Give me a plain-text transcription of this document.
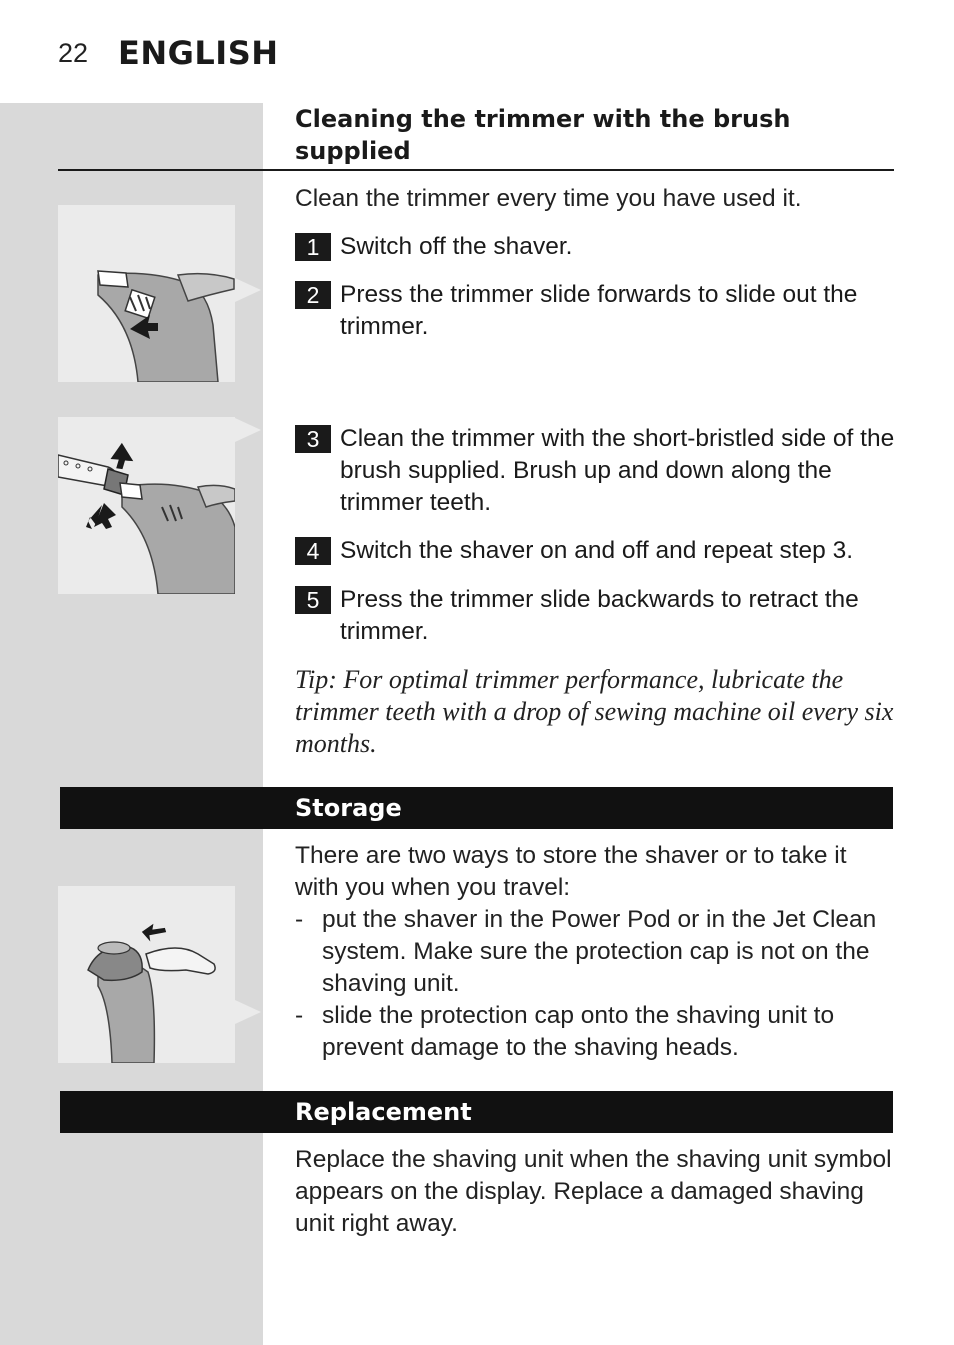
22 ENGLISH
Cleaning the trimmer with the brush supplied
Clean the trimmer every time you have used it.
1 Switch off the shaver.
2 Press the trimmer slide forwards to slide out the trimmer.
3 Clean the trimmer with the short-bristled side of the brush supplied. Brush up and down along the trimmer teeth.
4 Switch the shaver on and off and repeat step 3.
5 Press the trimmer slide backwards to retract the trimmer.
Tip: For optimal trimmer performance, lubricate the trimmer teeth with a drop of sewing machine oil every six months.
Storage
There are two ways to store the shaver or to take it with you when you travel:
- put the shaver in the Power Pod or in the Jet Clean system. Make sure the protection cap is not on the shaving unit.
- slide the protection cap onto the shaving unit to prevent damage to the shaving heads.
Replacement
Replace the shaving unit when the shaving unit symbol appears on the display. Replace a damaged shaving unit right away.
